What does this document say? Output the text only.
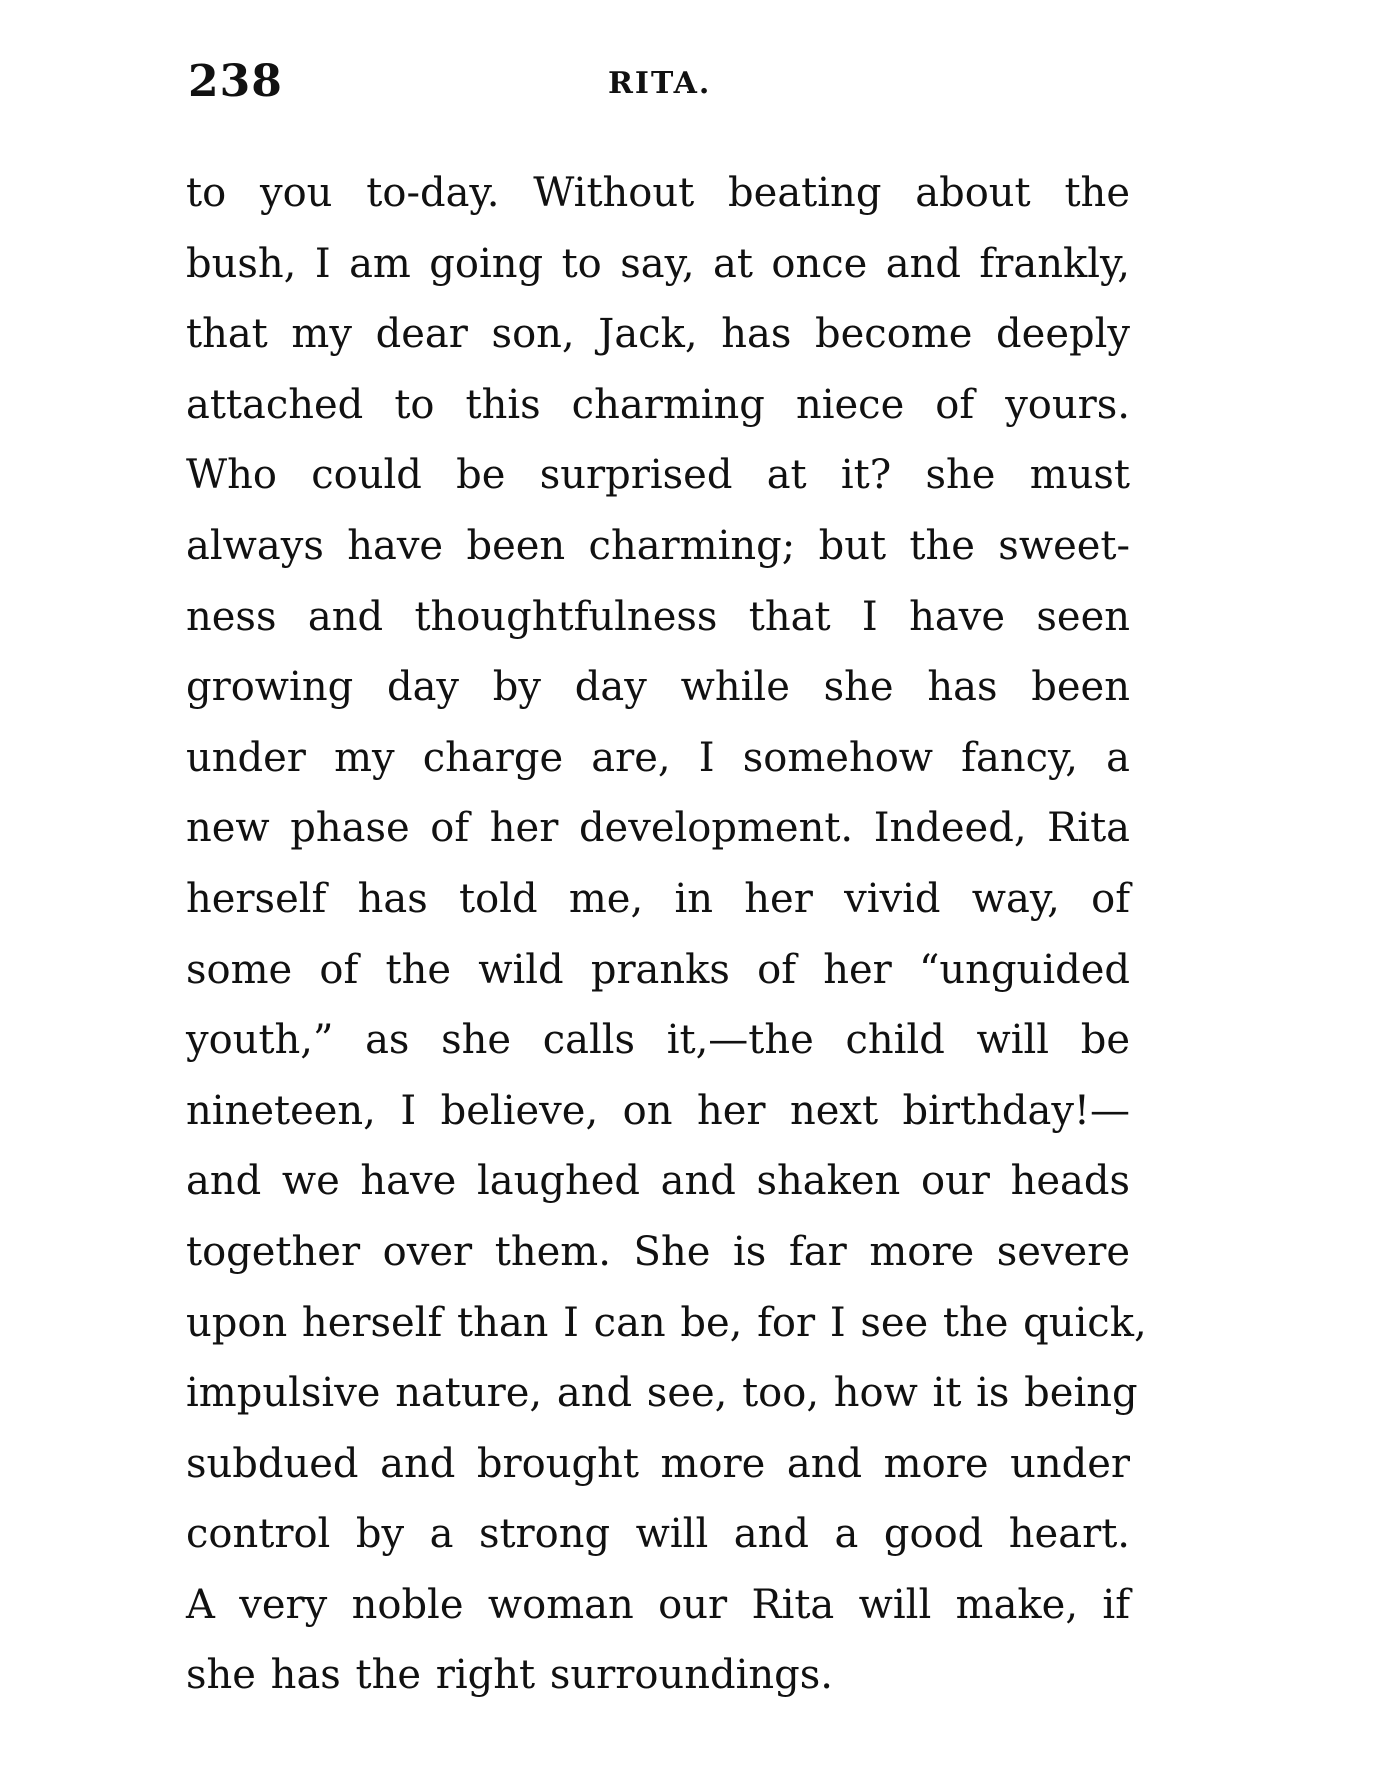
238	RITA.
to you to-day. Without beating about the
bush, I am going to say, at once and frankly,
that my dear son, Jack, has become deeply
attached to this charming niece of yours.
Who could be surprised at it? she must
always have been charming; but the sweet-
ness and thoughtfulness that I have seen
growing day by day while she has been
under my charge are, I somehow fancy, a
new phase of her development. Indeed, Rita
herself has told me, in her vivid way, of
some of the wild pranks of her “unguided
youth,” as she calls it,—the child will be
nineteen, I believe, on her next birthday!—
and we have laughed and shaken our heads
together over them. She is far more severe
upon herself than I can be, for I see the quick,
impulsive nature, and see, too, how it is being
subdued and brought more and more under
control by a strong will and a good heart.
A very noble woman our Rita will make, if
she has the right surroundings.
